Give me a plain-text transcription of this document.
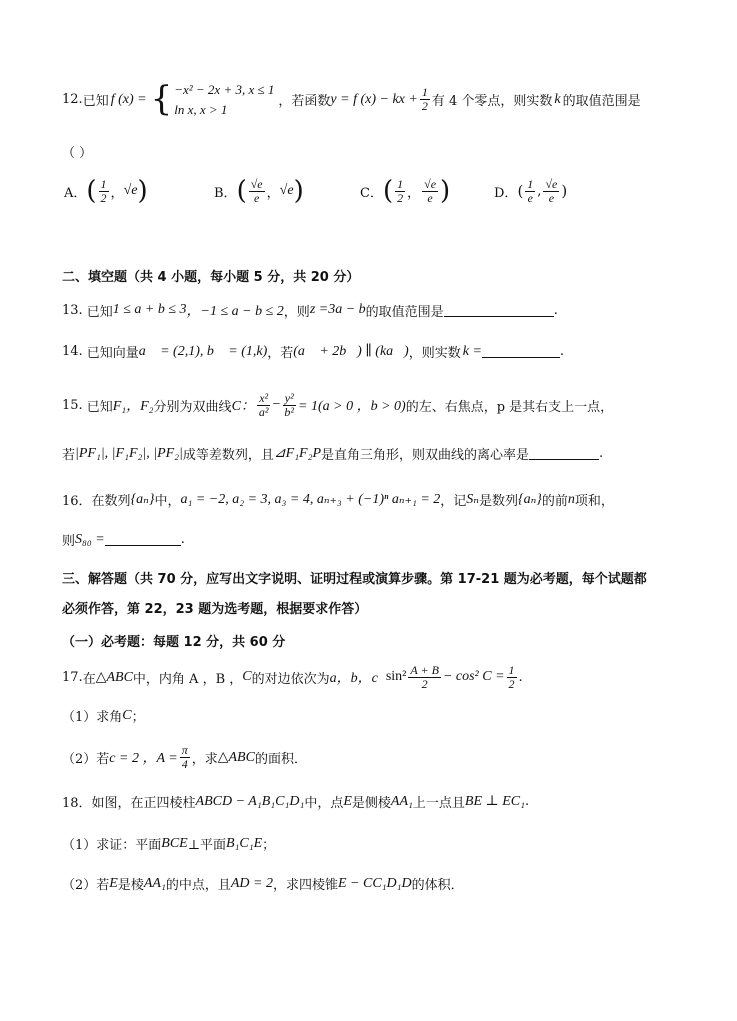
12. 已知 f (x) = { −x² − 2x + 3, x ≤ 1
ln x, x > 1	，若函数 y = f (x) − kx + $\frac{1}{2}$ 有 4 个零点，则实数 k 的取值范围是
（ ）
A． ( $\frac{1}{2}$ ， √e )	B． ( $\frac{√e}{e}$ ， √e )	C． ( $\frac{1}{2}$ ， $\frac{√e}{e}$ )	D． ( $\frac{1}{e}$ , $\frac{√e}{e}$ )
二、填空题（共 4 小题，每小题 5 分，共 20 分）
13. 已知 1 ≤ a + b ≤ 3 ，−1 ≤ a − b ≤ 2 ，则 z = 3a − b 的取值范围是	.
14. 已知向量 a⃗ = (2,1), b⃗ = (1,k) ，若 (a⃗ + 2b⃗) ∥ (ka⃗) ，则实数 k =	.
15. 已知 F₁，F₂ 分别为双曲线 C： $\frac{\text{x²}}{\text{a²}} - \frac{\text{y²}}{\text{b²}} = 1(a > 0$ ，b > 0) 的左、右焦点，p 是其右支上一点，
若 |PF₁|, |F₁F₂|, |PF₂| 成等差数列，且 ⊿F₁F₂P 是直角三角形，则双曲线的离心率是	.
16． 在数列 {aₙ} 中， a₁ = −2, a₂ = 3, a₃ = 4, aₙ₊₃ + (−1)ⁿ aₙ₊₁ = 2 ，记 Sₙ 是数列 {aₙ} 的前 n 项和，
则 S₈₀ =	.
三、解答题（共 70 分，应写出文字说明、证明过程或演算步骤。第 17-21 题为必考题，每个试题都
必须作答，第 22，23 题为选考题，根据要求作答）
（一）必考题：每题 12 分，共 60 分
17. 在 △ABC 中，内角 A ，B ， C 的对边依次为 a，b，c $\sin^2 \frac{A + B}{2} - \cos^2$ $C = \frac{1}{2}$ .
（1）求角 C ；
（2）若 c = 2 ，$A = \frac{\pi}{4}$ ，求 △ABC 的面积．
18．如图，在正四棱柱 ABCD − A₁B₁C₁D₁ 中，点 E 是侧棱 AA₁ 上一点且 BE ⊥ EC₁ .
（1）求证：平面 BCE ⊥平面 B₁C₁E ；
（2）若 E 是棱 AA₁ 的中点，且 AD = 2 ，求四棱锥 E − CC₁D₁D 的体积．
